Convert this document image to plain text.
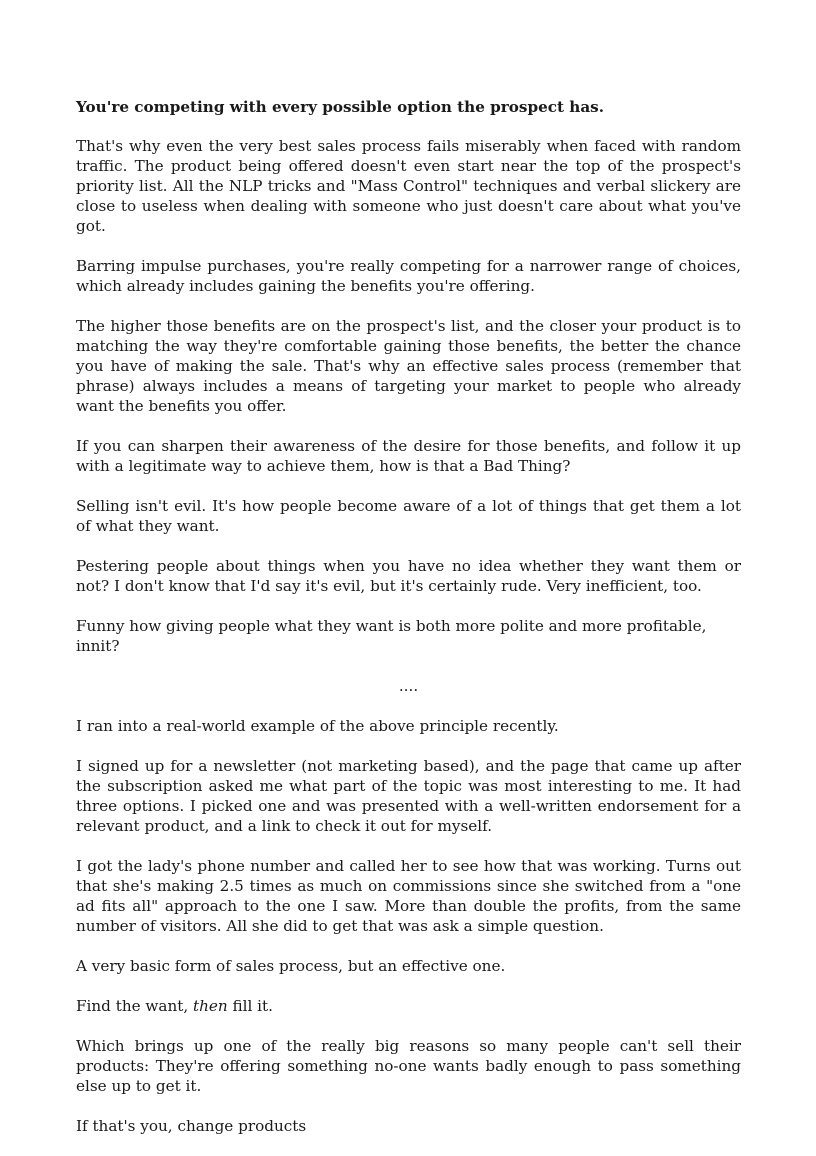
You're competing with every possible option the prospect has.

That's why even the very best sales process fails miserably when faced with random traffic. The product being offered doesn't even start near the top of the prospect's priority list. All the NLP tricks and "Mass Control" techniques and verbal slickery are close to useless when dealing with someone who just doesn't care about what you've got.

Barring impulse purchases, you're really competing for a narrower range of choices, which already includes gaining the benefits you're offering.

The higher those benefits are on the prospect's list, and the closer your product is to matching the way they're comfortable gaining those benefits, the better the chance you have of making the sale. That's why an effective sales process (remember that phrase) always includes a means of targeting your market to people who already want the benefits you offer.

If you can sharpen their awareness of the desire for those benefits, and follow it up with a legitimate way to achieve them, how is that a Bad Thing?

Selling isn't evil. It's how people become aware of a lot of things that get them a lot of what they want.

Pestering people about things when you have no idea whether they want them or not? I don't know that I'd say it's evil, but it's certainly rude. Very inefficient, too.

Funny how giving people what they want is both more polite and more profitable, innit?

....

I ran into a real-world example of the above principle recently.

I signed up for a newsletter (not marketing based), and the page that came up after the subscription asked me what part of the topic was most interesting to me. It had three options. I picked one and was presented with a well-written endorsement for a relevant product, and a link to check it out for myself.

I got the lady's phone number and called her to see how that was working. Turns out that she's making 2.5 times as much on commissions since she switched from a "one ad fits all" approach to the one I saw. More than double the profits, from the same number of visitors. All she did to get that was ask a simple question.

A very basic form of sales process, but an effective one.

Find the want, then fill it.

Which brings up one of the really big reasons so many people can't sell their products: They're offering something no-one wants badly enough to pass something else up to get it.

If that's you, change products
